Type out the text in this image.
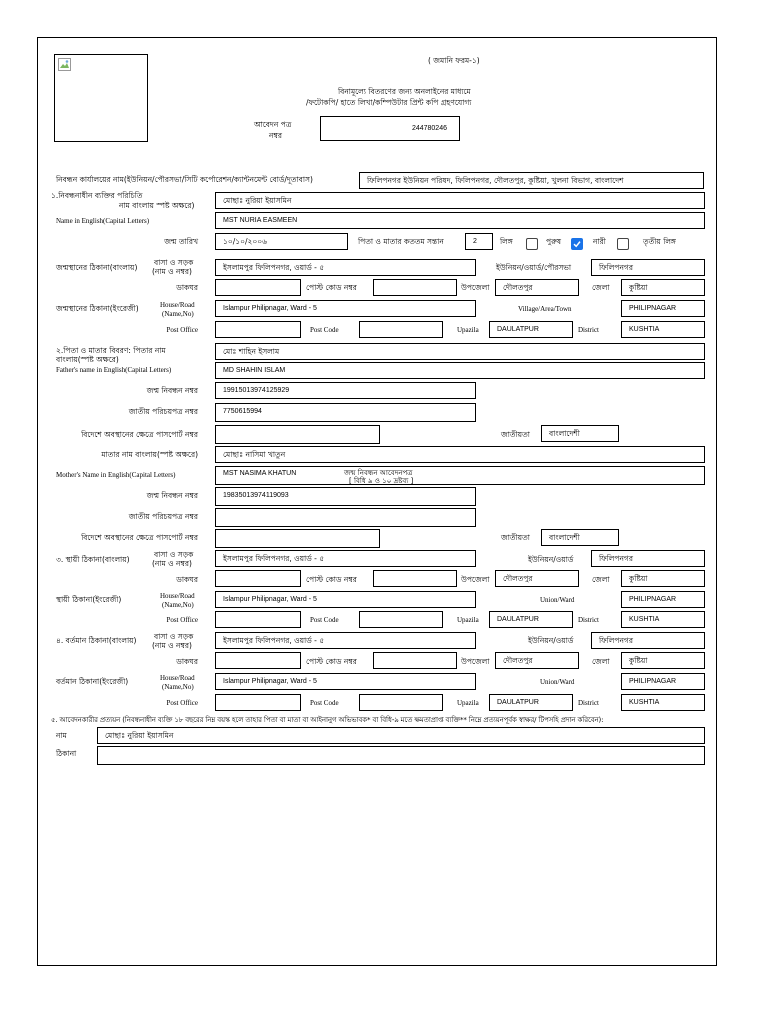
( জমানি ফরম-১)
বিনামূল্যে বিতরণের জন্য অনলাইনের মাধ্যমে
/ফটোকপি/ হাতে লিখা/কম্পিউটার প্রিন্ট কপি গ্রহণযোগ্য
আবেদন পত্র
নম্বর
244780246
নিবন্ধন কার্যালয়ের নাম(ইউনিয়ন/পৌরসভা/সিটি কর্পোরেশন/ক্যান্টনমেন্ট বোর্ড/দূতাবাস)	ফিলিপনগর ইউনিয়ন পরিষদ, ফিলিপনগর, দৌলতপুর, কুষ্টিয়া, খুলনা বিভাগ, বাংলাদেশ
১.নিবন্ধনাধীন ব্যক্তির পরিচিতি
নাম বাংলায় স্পষ্ট অক্ষরে)
মোছাঃ নুরিয়া ইয়াসমিন
Name in English(Capital Letters)	MST NURIA EASMEEN
জন্ম তারিখ	১০/১০/২০০৬	পিতা ও মাতার কততম সন্তান	2	লিঙ্গ	পুরুষ	নারী	তৃতীয় লিঙ্গ
জন্মস্থানের ঠিকানা(বাংলায়)
বাসা ও সড়ক
(নাম ও নম্বর)	ইসলামপুর ফিলিপনগর, ওয়ার্ড - ৫	ইউনিয়ন/ওয়ার্ড/পৌরসভা	ফিলিপনগর
ডাকঘর	পোস্ট কোড নম্বর	উপজেলা	দৌলতপুর	জেলা	কুষ্টিয়া
জন্মস্থানের ঠিকানা(ইংরেজী)	House/Road
(Name,No)
Islampur Philipnagar, Ward - 5	Village/Area/Town	PHILIPNAGAR
Post Office	Post Code	Upazila	DAULATPUR	District	KUSHTIA
২.পিতা ও মাতার বিবরণ: পিতার নাম
বাংলায়(স্পষ্ট অক্ষরে)
মোঃ শাহিন ইসলাম
Father's name in English(Capital Letters)	MD SHAHIN ISLAM
জন্ম নিবন্ধন নম্বর	19915013974125929
জাতীয় পরিচয়পত্র নম্বর	7750615994
বিদেশে অবস্থানের ক্ষেত্রে পাসপোর্ট নম্বর	জাতীয়তা	বাংলাদেশী
মাতার নাম বাংলায়(স্পষ্ট অক্ষরে)	মোছাঃ নাসিমা খাতুন
Mother's Name in English(Capital Letters)	MST NASIMA KHATUN	জন্ম নিবন্ধন আবেদনপত্র
[ বিধি ৯ ও ১০ দ্রষ্টব্য ]
জন্ম নিবন্ধন নম্বর	19835013974119093
জাতীয় পরিচয়পত্র নম্বর
বিদেশে অবস্থানের ক্ষেত্রে পাসপোর্ট নম্বর	জাতীয়তা	বাংলাদেশী
৩. স্থায়ী ঠিকানা(বাংলায়)
বাসা ও সড়ক
(নাম ও নম্বর)
ইসলামপুর ফিলিপনগর, ওয়ার্ড - ৫	ইউনিয়ন/ওয়ার্ড	ফিলিপনগর
ডাকঘর	পোস্ট কোড নম্বর	উপজেলা	দৌলতপুর	জেলা	কুষ্টিয়া
স্থায়ী ঠিকানা(ইংরেজী)	House/Road
(Name,No)
Islampur Philipnagar, Ward - 5	Union/Ward	PHILIPNAGAR
Post Office	Post Code	Upazila	DAULATPUR	District	KUSHTIA
৪. বর্তমান ঠিকানা(বাংলায়) বাসা ও সড়ক
(নাম ও নম্বর)
ইসলামপুর ফিলিপনগর, ওয়ার্ড - ৫	ইউনিয়ন/ওয়ার্ড	ফিলিপনগর
ডাকঘর	পোস্ট কোড নম্বর	উপজেলা	দৌলতপুর	জেলা	কুষ্টিয়া
বর্তমান ঠিকানা(ইংরেজী)	House/Road
(Name,No)
Islampur Philipnagar, Ward - 5	Union/Ward	PHILIPNAGAR
Post Office	Post Code	Upazila	DAULATPUR	District	KUSHTIA
৫. আবেদনকারীর প্রত্যয়ন (নিবন্ধনাধীন ব্যক্তি ১৮ বছরের নিম্ন বয়স্ক হলে তাহার পিতা বা মাতা বা আইনানুগ অভিভাবক* বা বিধি-৯ মতে ক্ষমতাপ্রাপ্ত ব্যক্তি** নিম্নে প্রত্যয়নপূর্বক স্বাক্ষর/ টিপসহি প্রদান করিবেন):
নাম	মোছাঃ নুরিয়া ইয়াসমিন
ঠিকানা
